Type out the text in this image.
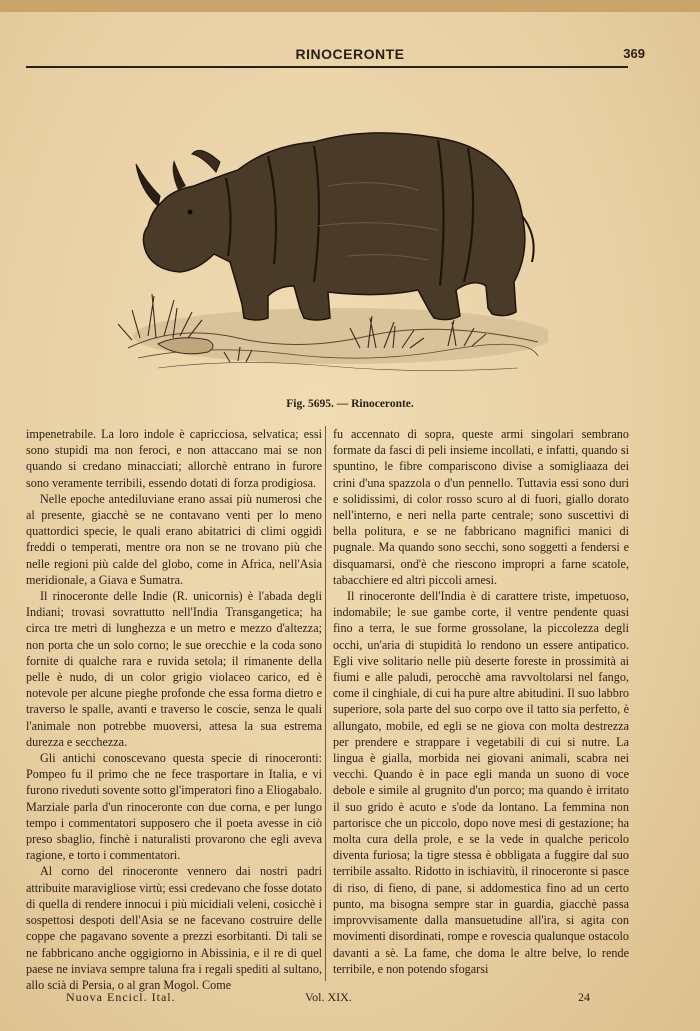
RINOCERONTE	369
Fig. 5695. — Rinoceronte.

impenetrabile. La loro indole è capricciosa, selvatica; essi sono stupidi ma non feroci, e non attaccano mai se non quando si credano minacciati; allorchè entrano in furore sono veramente terribili, essendo dotati di forza prodigiosa.

Nelle epoche antediluviane erano assai più numerosi che al presente, giacchè se ne contavano venti per lo meno quattordici specie, le quali erano abitatrici di climi oggidì freddi o temperati, mentre ora non se ne trovano più che nelle regioni più calde del globo, come in Africa, nell'Asia meridionale, a Giava e Sumatra.

Il rinoceronte delle Indie (R. unicornis) è l'abada degli Indiani; trovasi sovrattutto nell'India Transgangetica; ha circa tre metri di lunghezza e un metro e mezzo d'altezza; non porta che un solo corno; le sue orecchie e la coda sono fornite di qualche rara e ruvida setola; il rimanente della pelle è nudo, di un color grigio violaceo carico, ed è notevole per alcune pieghe profonde che essa forma dietro e traverso le spalle, avanti e traverso le coscie, senza le quali l'animale non potrebbe muoversi, attesa la sua estrema durezza e secchezza.

Gli antichi conoscevano questa specie di rinoceronti: Pompeo fu il primo che ne fece trasportare in Italia, e vi furono riveduti sovente sotto gl'imperatori fino a Eliogabalo. Marziale parla d'un rinoceronte con due corna, e per lungo tempo i commentatori supposero che il poeta avesse in ciò preso sbaglio, finchè i naturalisti provarono che egli aveva ragione, e torto i commentatori.

Al corno del rinoceronte vennero dai nostri padri attribuite maravigliose virtù; essi credevano che fosse dotato di quella di rendere innocui i più micidiali veleni, cosicchè i sospettosi despoti dell'Asia se ne facevano costruire delle coppe che pagavano sovente a prezzi esorbitanti. Di tali se ne fabbricano anche oggigiorno in Abissinia, e il re di quel paese ne inviava sempre taluna fra i regali spediti al sultano, allo scià di Persia, o al gran Mogol. Come

fu accennato di sopra, queste armi singolari sembrano formate da fasci di peli insieme incollati, e infatti, quando si spuntino, le fibre compariscono divise a somigliaaza dei crini d'una spazzola o d'un pennello. Tuttavia essi sono duri e solidissimi, di color rosso scuro al di fuori, giallo dorato nell'interno, e neri nella parte centrale; sono suscettivi di bella politura, e se ne fabbricano magnifici manici di pugnale. Ma quando sono secchi, sono soggetti a fendersi e disquamarsi, ond'è che riescono impropri a farne scatole, tabacchiere ed altri piccoli arnesi.

Il rinoceronte dell'India è di carattere triste, impetuoso, indomabile; le sue gambe corte, il ventre pendente quasi fino a terra, le sue forme grossolane, la piccolezza degli occhi, un'aria di stupidità lo rendono un essere antipatico. Egli vive solitario nelle più deserte foreste in prossimità ai fiumi e alle paludi, perocchè ama ravvoltolarsi nel fango, come il cinghiale, di cui ha pure altre abitudini. Il suo labbro superiore, sola parte del suo corpo ove il tatto sia perfetto, è allungato, mobile, ed egli se ne giova con molta destrezza per prendere e strappare i vegetabili di cui si nutre. La lingua è gialla, morbida nei giovani animali, scabra nei vecchi. Quando è in pace egli manda un suono di voce debole e simile al grugnito d'un porco; ma quando è irritato il suo grido è acuto e s'ode da lontano. La femmina non partorisce che un piccolo, dopo nove mesi di gestazione; ha molta cura della prole, e se la vede in qualche pericolo diventa furiosa; la tigre stessa è obbligata a fuggire dal suo terribile assalto. Ridotto in ischiavitù, il rinoceronte si pasce di riso, di fieno, di pane, si addomestica fino ad un certo punto, ma bisogna sempre star in guardia, giacchè passa improvvisamente dalla mansuetudine all'ira, si agita con movimenti disordinati, rompe e rovescia qualunque ostacolo davanti a sè. La fame, che doma le altre belve, lo rende terribile, e non potendo sfogarsi

Nuova Encicl. Ital.	Vol. XIX.	24
